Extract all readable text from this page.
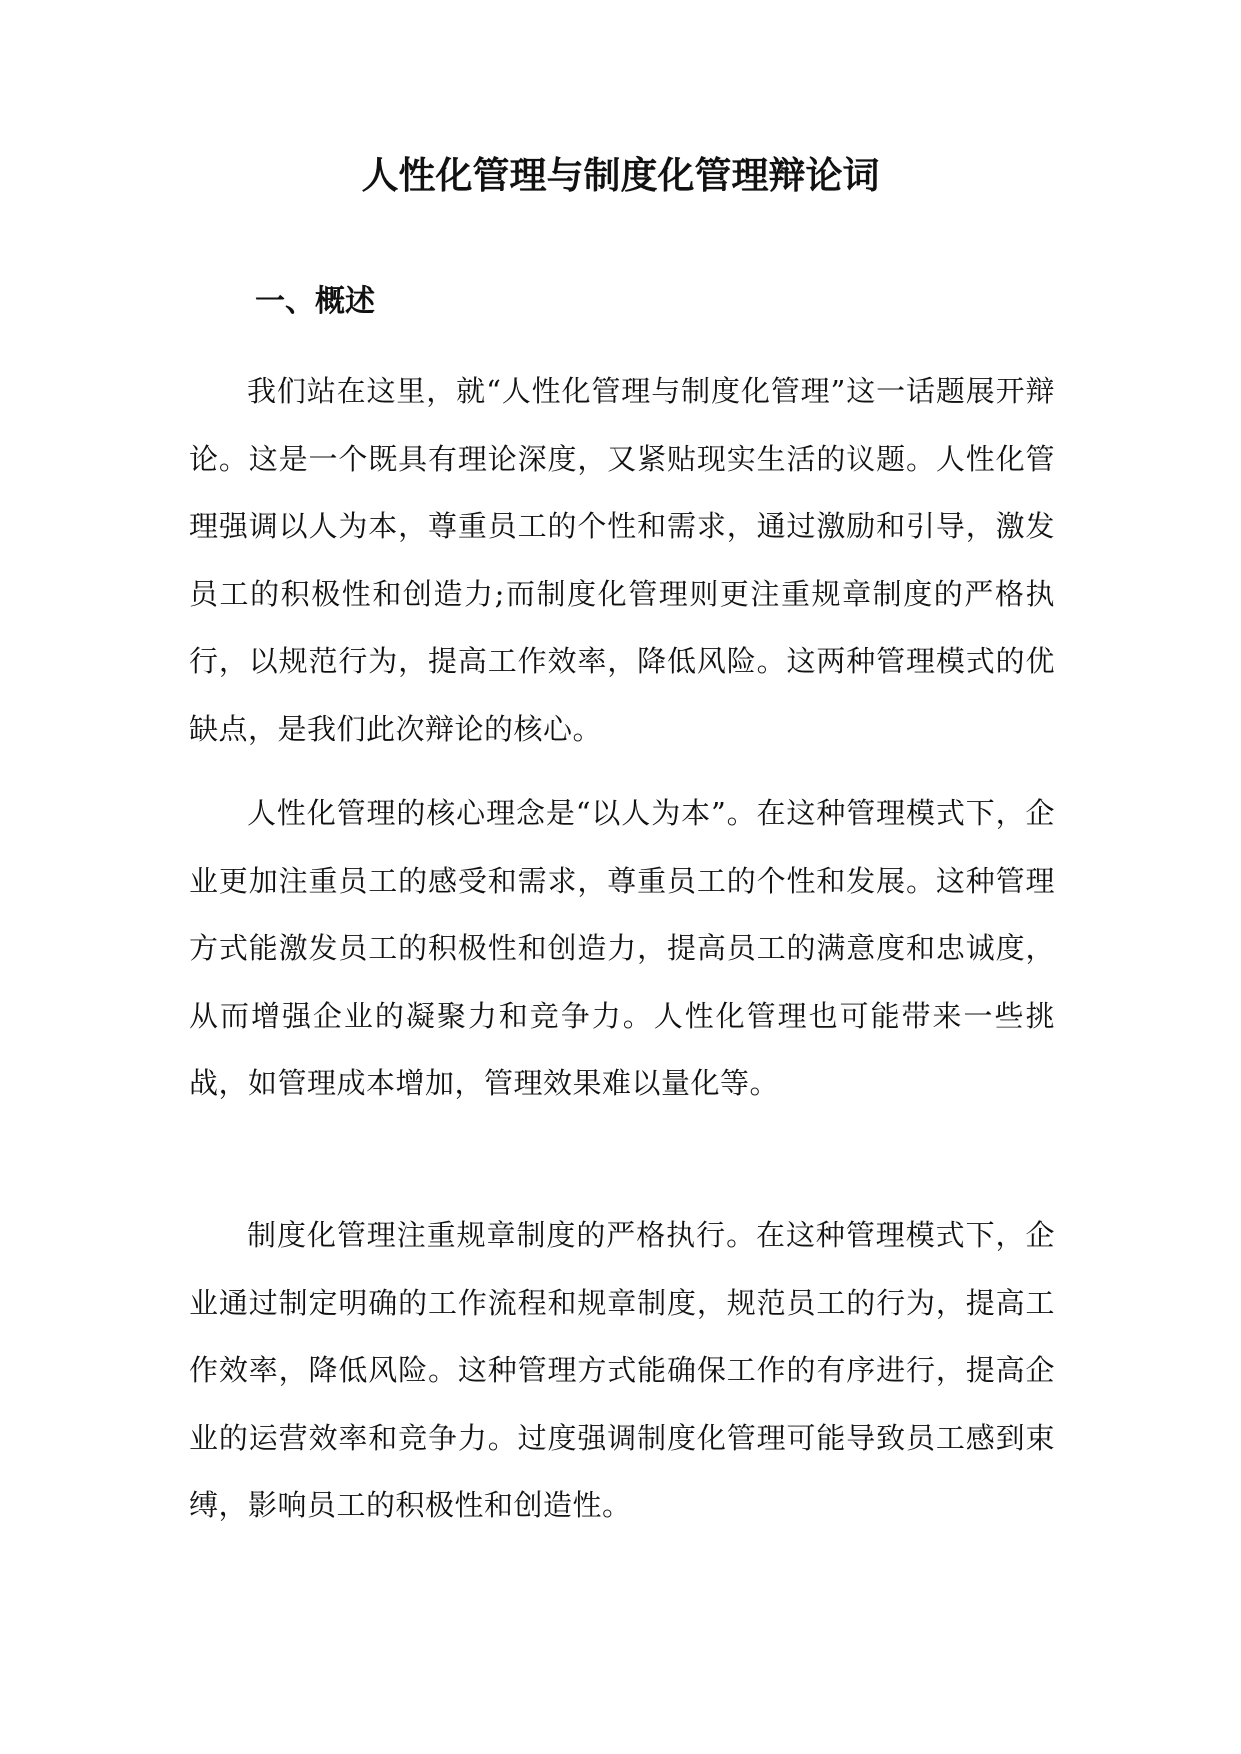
人性化管理与制度化管理辩论词
一、概述

我们站在这里，就“人性化管理与制度化管理”这一话题展开辩论。这是一个既具有理论深度，又紧贴现实生活的议题。人性化管理强调以人为本，尊重员工的个性和需求，通过激励和引导，激发员工的积极性和创造力;而制度化管理则更注重规章制度的严格执行，以规范行为，提高工作效率，降低风险。这两种管理模式的优缺点，是我们此次辩论的核心。

人性化管理的核心理念是“以人为本”。在这种管理模式下，企业更加注重员工的感受和需求，尊重员工的个性和发展。这种管理方式能激发员工的积极性和创造力，提高员工的满意度和忠诚度，从而增强企业的凝聚力和竞争力。人性化管理也可能带来一些挑战，如管理成本增加，管理效果难以量化等。

制度化管理注重规章制度的严格执行。在这种管理模式下，企业通过制定明确的工作流程和规章制度，规范员工的行为，提高工作效率，降低风险。这种管理方式能确保工作的有序进行，提高企业的运营效率和竞争力。过度强调制度化管理可能导致员工感到束缚，影响员工的积极性和创造性。
